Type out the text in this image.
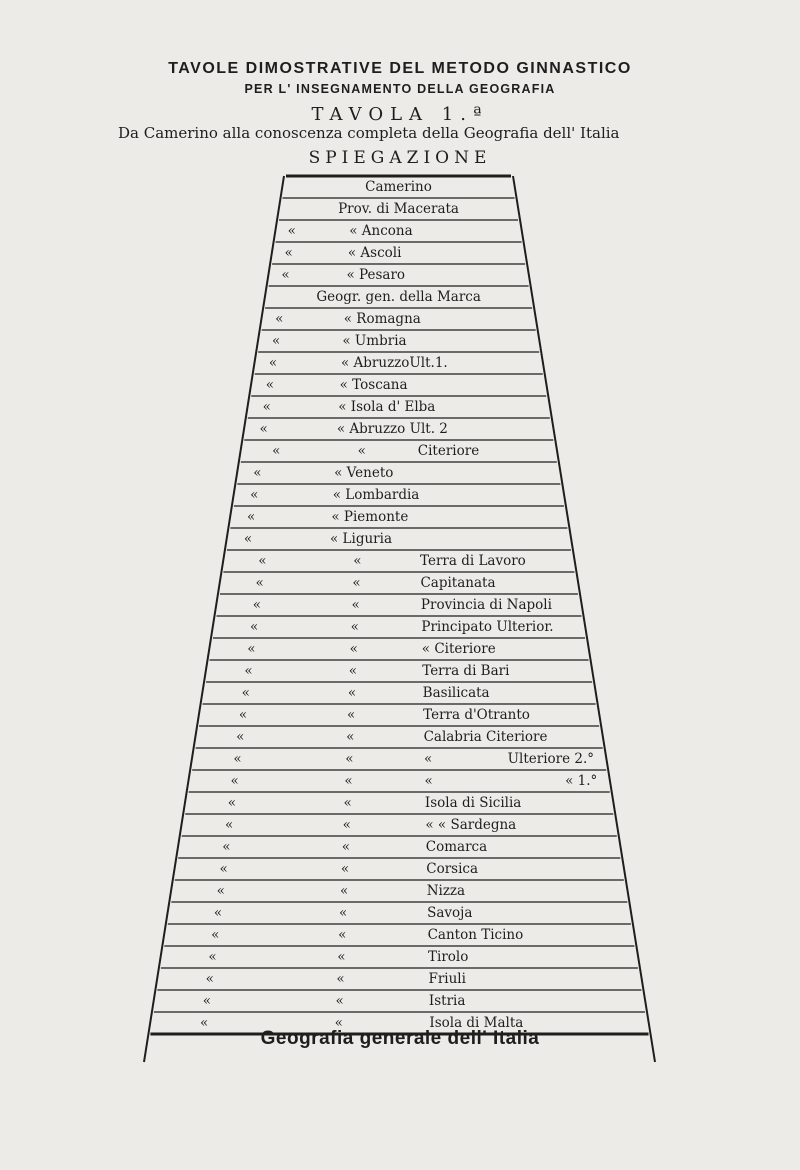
TAVOLE DIMOSTRATIVE DEL METODO GINNASTICO
PER L' INSEGNAMENTO DELLA GEOGRAFIA
TAVOLA 1.ª
Da Camerino alla conoscenza completa della Geografia dell' Italia
SPIEGAZIONE
Camerino
Prov. di Macerata
«	« Ancona
«	« Ascoli
«	« Pesaro
Geogr. gen. della Marca
«	« Romagna
«	« Umbria
«	« AbruzzoUlt.1.
«	« Toscana
«	« Isola d' Elba
«	« Abruzzo Ult. 2
«	«	Citeriore
«	« Veneto
«	« Lombardia
«	« Piemonte
«	« Liguria
«	«	Terra di Lavoro
«	«	Capitanata
«	«	Provincia di Napoli
«	«	Principato Ulterior.
«	«	« Citeriore
«	«	Terra di Bari
«	«	Basilicata
«	«	Terra d'Otranto
«	«	Calabria Citeriore
«	«	«	Ulteriore 2.°
«	«	«	« 1.°
«	«	Isola di Sicilia
«	«	« « Sardegna
«	«	Comarca
«	«	Corsica
«	«	Nizza
«	«	Savoja
«	«	Canton Ticino
«	«	Tirolo
«	«	Friuli
«	«	Istria
«	«	Isola di Malta
Geografia generale dell' Italia
